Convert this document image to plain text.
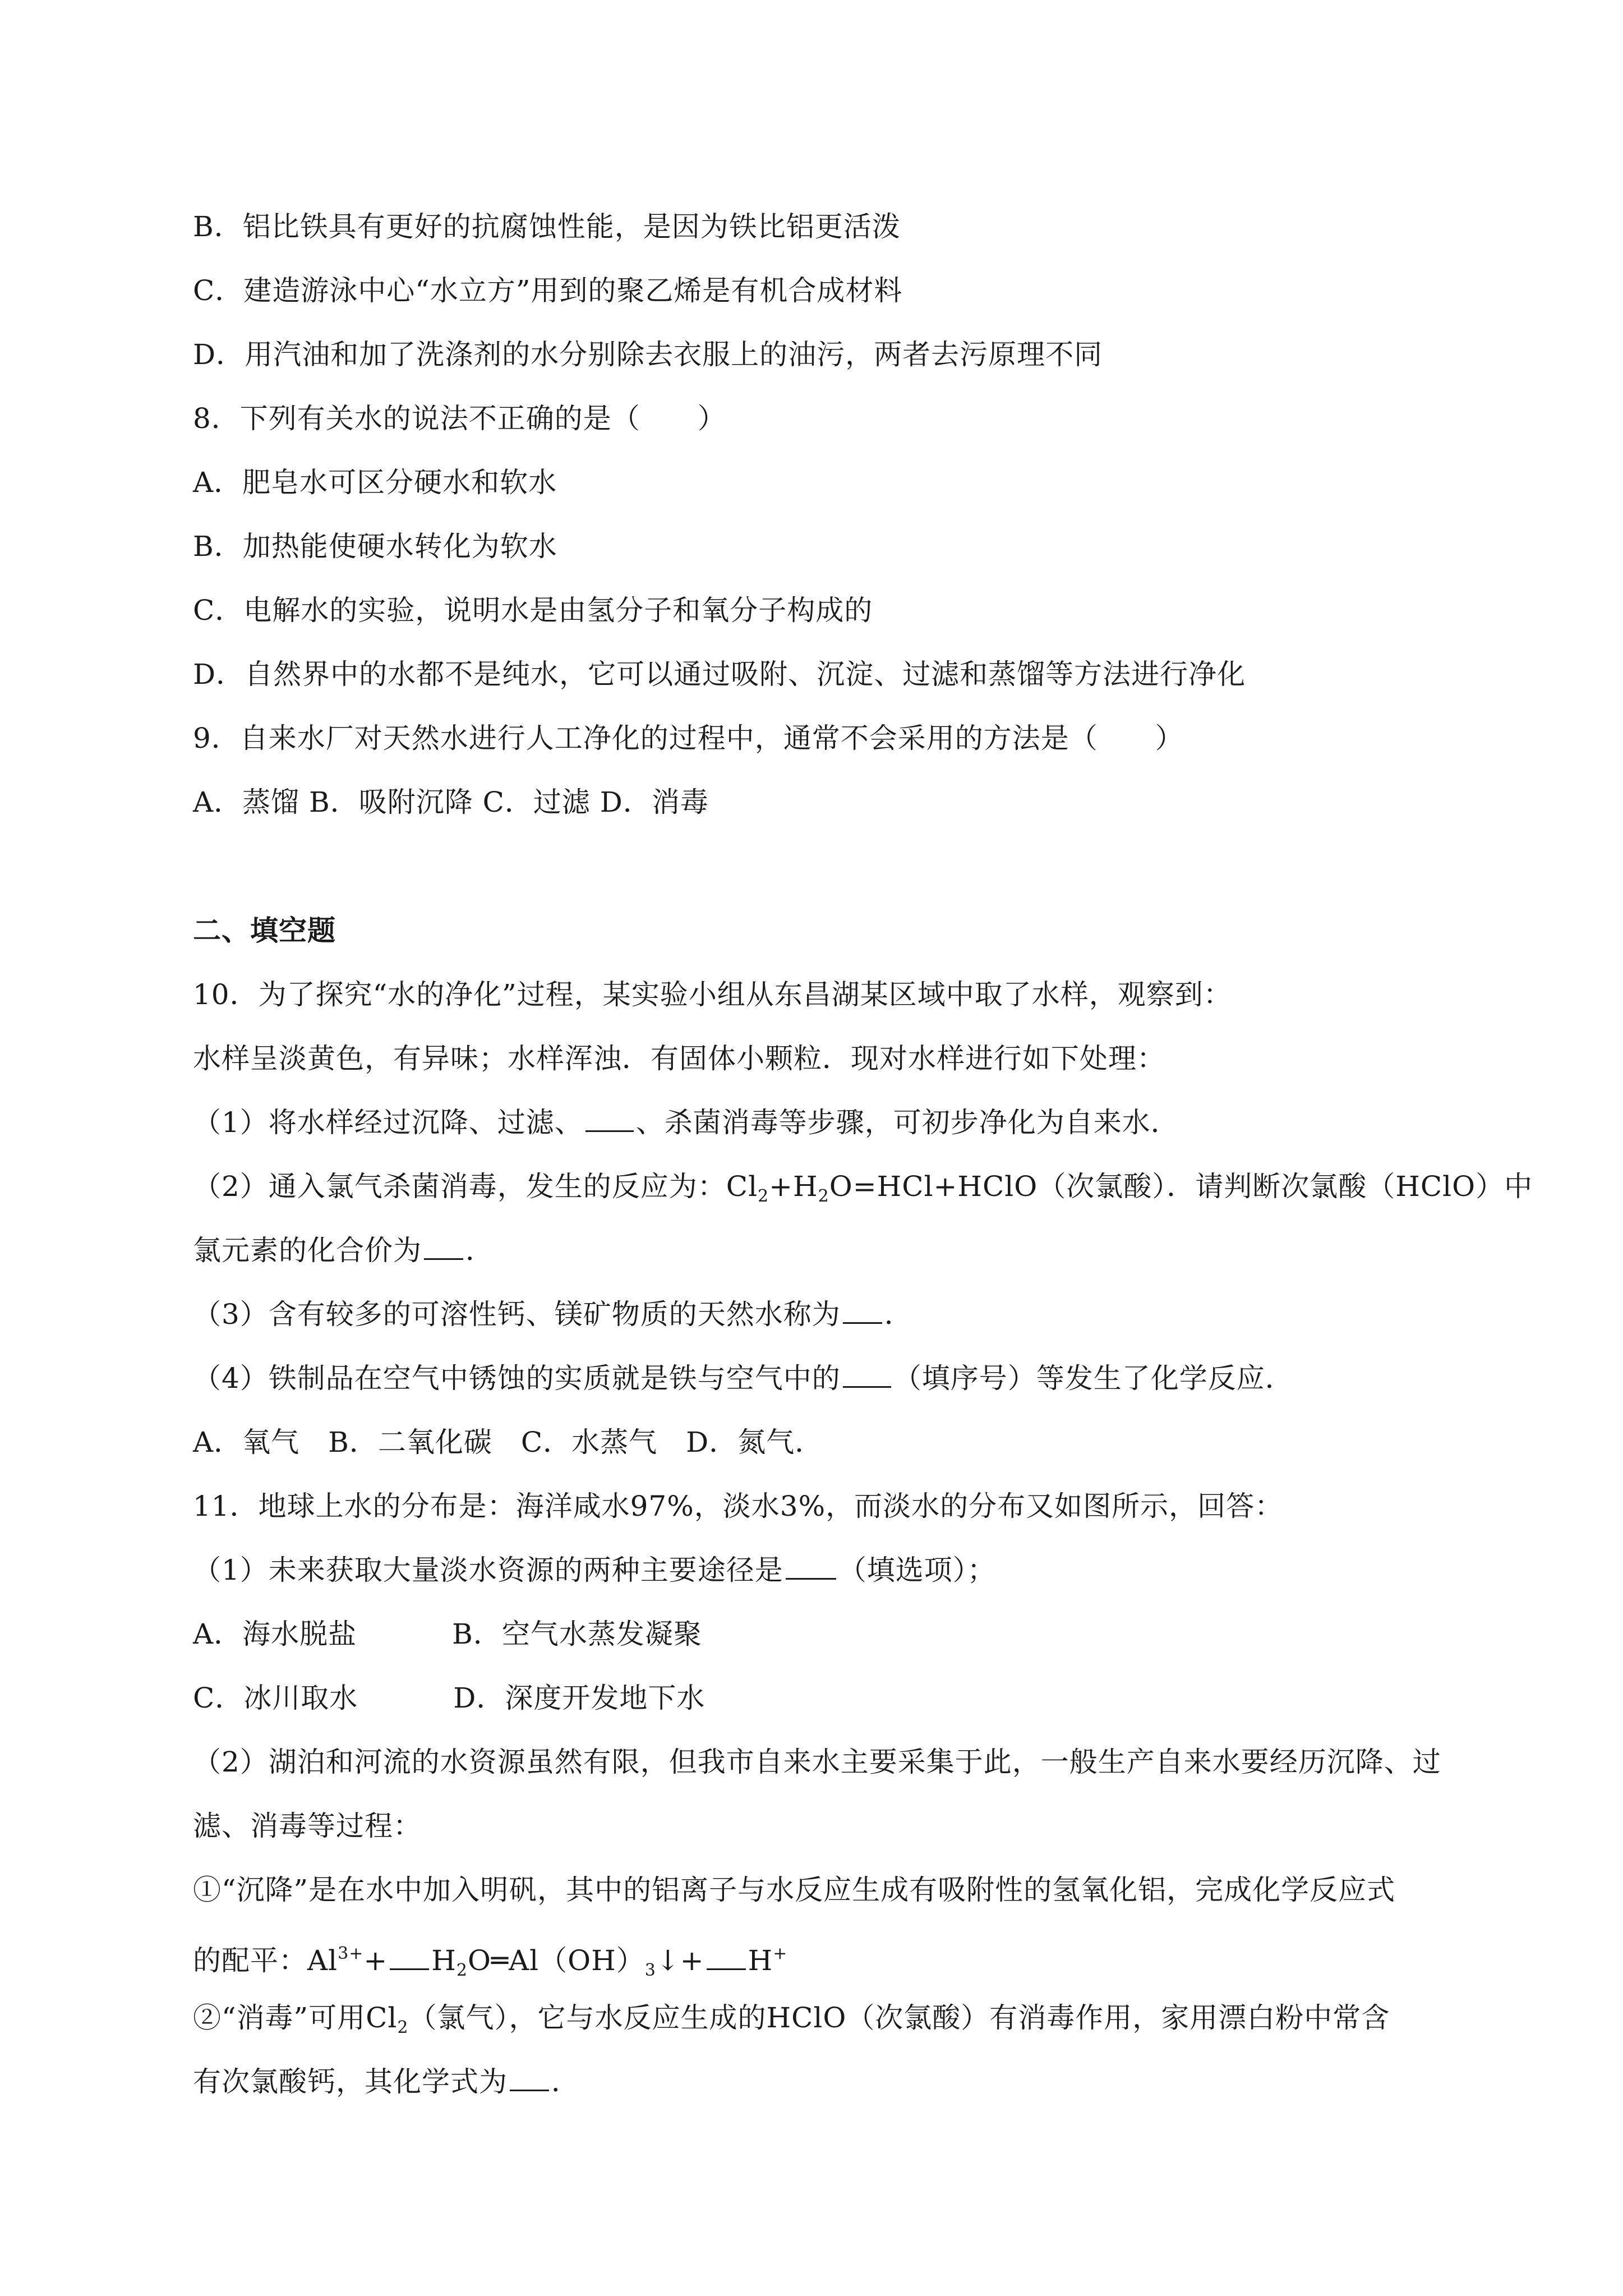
B．铝比铁具有更好的抗腐蚀性能，是因为铁比铝更活泼
C．建造游泳中心“水立方”用到的聚乙烯是有机合成材料
D．用汽油和加了洗涤剂的水分别除去衣服上的油污，两者去污原理不同
8．下列有关水的说法不正确的是（　　）
A．肥皂水可区分硬水和软水
B．加热能使硬水转化为软水
C．电解水的实验，说明水是由氢分子和氧分子构成的
D．自然界中的水都不是纯水，它可以通过吸附、沉淀、过滤和蒸馏等方法进行净化
9．自来水厂对天然水进行人工净化的过程中，通常不会采用的方法是（　　）
A．蒸馏 B．吸附沉降 C．过滤 D．消毒
二、填空题
10．为了探究“水的净化”过程，某实验小组从东昌湖某区域中取了水样，观察到：
水样呈淡黄色，有异味；水样浑浊．有固体小颗粒．现对水样进行如下处理：
（1）将水样经过沉降、过滤、 、杀菌消毒等步骤，可初步净化为自来水．
（2）通入氯气杀菌消毒，发生的反应为：$Cl_2+H_2O=HCl+HClO$（次氯酸）．请判断次氯酸（HClO）中
氯元素的化合价为 ．
（3）含有较多的可溶性钙、镁矿物质的天然水称为 ．
（4）铁制品在空气中锈蚀的实质就是铁与空气中的 （填序号）等发生了化学反应．
A．氧气　B．二氧化碳　C．水蒸气　D．氮气．
11．地球上水的分布是：海洋咸水97%，淡水3%，而淡水的分布又如图所示，回答：
（1）未来获取大量淡水资源的两种主要途径是 （填选项）；
A．海水脱盐	B．空气水蒸发凝聚
C．冰川取水	D．深度开发地下水
（2）湖泊和河流的水资源虽然有限，但我市自来水主要采集于此，一般生产自来水要经历沉降、过
滤、消毒等过程：
①“沉降”是在水中加入明矾，其中的铝离子与水反应生成有吸附性的氢氧化铝，完成化学反应式
的配平：$Al^{3+}+$ $H_2O═Al(OH)_3↓+ H^+$
②“消毒”可用$Cl_2$（氯气），它与水反应生成的HClO（次氯酸）有消毒作用，家用漂白粉中常含
有次氯酸钙，其化学式为 ．
